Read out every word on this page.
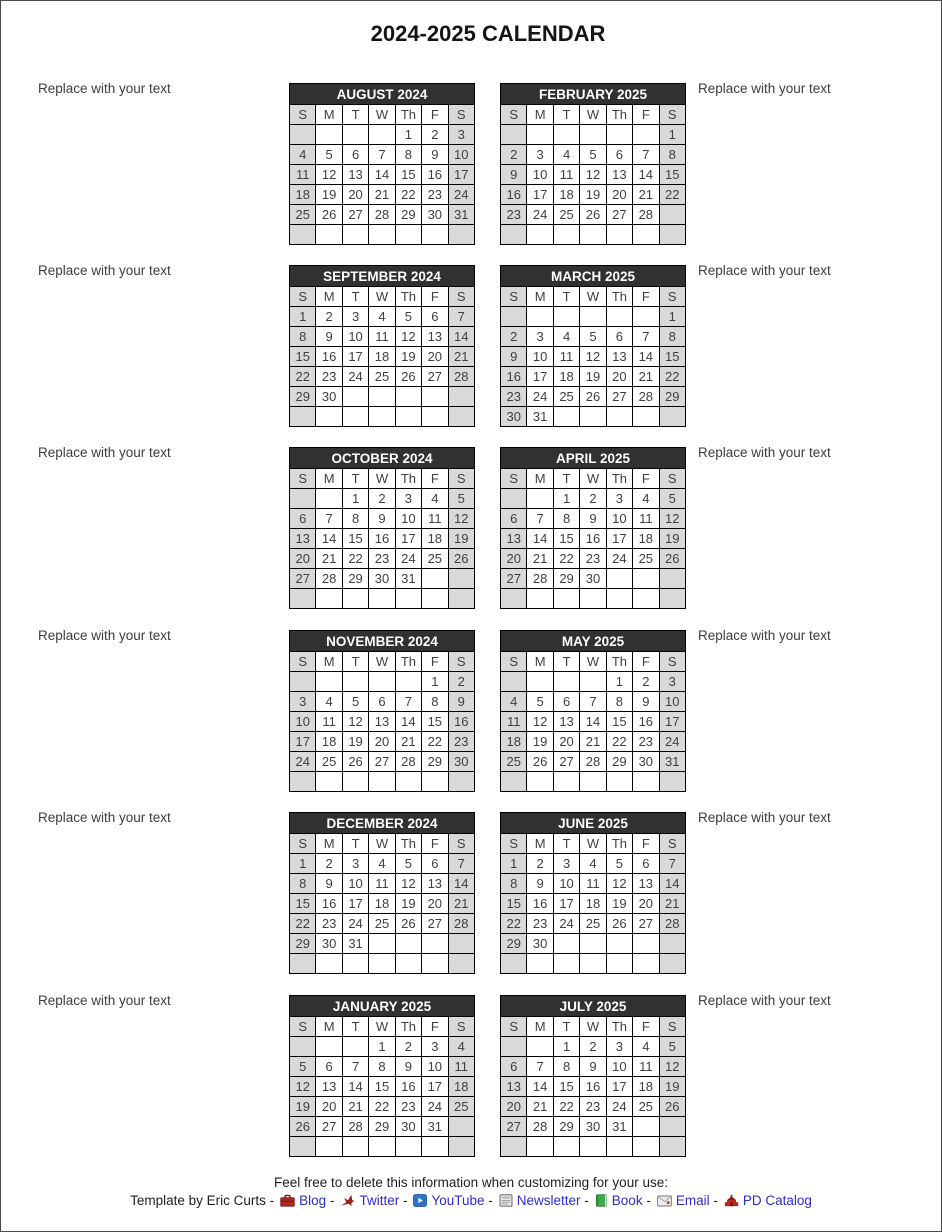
2024-2025 CALENDAR
Replace with your text	AUGUST 2024						
S	M	T	W	Th	F	S
				1	2	3
4	5	6	7	8	9	10
11	12	13	14	15	16	17
18	19	20	21	22	23	24
25	26	27	28	29	30	31

FEBRUARY 2025						
S	M	T	W	Th	F	S
						1
2	3	4	5	6	7	8
9	10	11	12	13	14	15
16	17	18	19	20	21	22
23	24	25	26	27	28	

Replace with your text
Replace with your text	SEPTEMBER 2024						
S	M	T	W	Th	F	S
1	2	3	4	5	6	7
8	9	10	11	12	13	14
15	16	17	18	19	20	21
22	23	24	25	26	27	28
29	30					

MARCH 2025						
S	M	T	W	Th	F	S
						1
2	3	4	5	6	7	8
9	10	11	12	13	14	15
16	17	18	19	20	21	22
23	24	25	26	27	28	29
30	31					
Replace with your text
Replace with your text	OCTOBER 2024						
S	M	T	W	Th	F	S
		1	2	3	4	5
6	7	8	9	10	11	12
13	14	15	16	17	18	19
20	21	22	23	24	25	26
27	28	29	30	31		

APRIL 2025						
S	M	T	W	Th	F	S
		1	2	3	4	5
6	7	8	9	10	11	12
13	14	15	16	17	18	19
20	21	22	23	24	25	26
27	28	29	30			

Replace with your text
Replace with your text	NOVEMBER 2024						
S	M	T	W	Th	F	S
					1	2
3	4	5	6	7	8	9
10	11	12	13	14	15	16
17	18	19	20	21	22	23
24	25	26	27	28	29	30

MAY 2025						
S	M	T	W	Th	F	S
				1	2	3
4	5	6	7	8	9	10
11	12	13	14	15	16	17
18	19	20	21	22	23	24
25	26	27	28	29	30	31

Replace with your text
Replace with your text	DECEMBER 2024						
S	M	T	W	Th	F	S
1	2	3	4	5	6	7
8	9	10	11	12	13	14
15	16	17	18	19	20	21
22	23	24	25	26	27	28
29	30	31				

JUNE 2025						
S	M	T	W	Th	F	S
1	2	3	4	5	6	7
8	9	10	11	12	13	14
15	16	17	18	19	20	21
22	23	24	25	26	27	28
29	30					

Replace with your text
Replace with your text	JANUARY 2025						
S	M	T	W	Th	F	S
			1	2	3	4
5	6	7	8	9	10	11
12	13	14	15	16	17	18
19	20	21	22	23	24	25
26	27	28	29	30	31	

JULY 2025						
S	M	T	W	Th	F	S
		1	2	3	4	5
6	7	8	9	10	11	12
13	14	15	16	17	18	19
20	21	22	23	24	25	26
27	28	29	30	31		

Replace with your text
Feel free to delete this information when customizing for your use:
Template by Eric Curts - Blog - Twitter - YouTube - Newsletter - Book - Email - PD Catalog
